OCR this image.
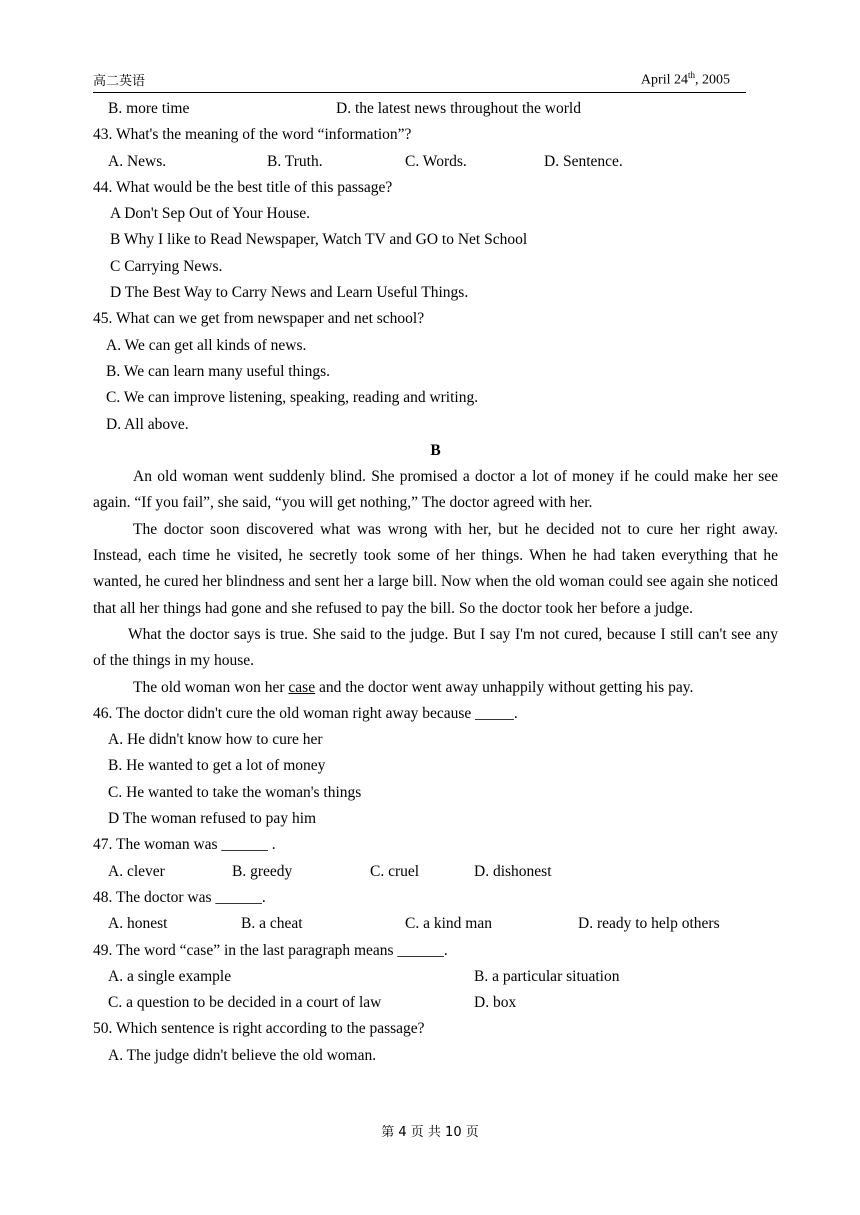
高二英语	April 24th, 2005
B. more time	D. the latest news throughout the world
43. What's the meaning of the word “information”?
A. News.	B. Truth.	C. Words.	D. Sentence.
44. What would be the best title of this passage?
A Don't Sep Out of Your House.
B Why I like to Read Newspaper, Watch TV and GO to Net School
C Carrying News.
D The Best Way to Carry News and Learn Useful Things.
45. What can we get from newspaper and net school?
A. We can get all kinds of news.
B. We can learn many useful things.
C. We can improve listening, speaking, reading and writing.
D. All above.
B

An old woman went suddenly blind. She promised a doctor a lot of money if he could make her see again. “If you fail”, she said, “you will get nothing,” The doctor agreed with her.

The doctor soon discovered what was wrong with her, but he decided not to cure her right away. Instead, each time he visited, he secretly took some of her things. When he had taken everything that he wanted, he cured her blindness and sent her a large bill. Now when the old woman could see again she noticed that all her things had gone and she refused to pay the bill. So the doctor took her before a judge.

What the doctor says is true. She said to the judge. But I say I'm not cured, because I still can't see any of the things in my house.

The old woman won her case and the doctor went away unhappily without getting his pay.

46. The doctor didn't cure the old woman right away because _____.
A. He didn't know how to cure her
B. He wanted to get a lot of money
C. He wanted to take the woman's things
D The woman refused to pay him
47. The woman was ______ .
A. clever	B. greedy	C. cruel	D. dishonest
48. The doctor was ______.
A. honest	B. a cheat	C. a kind man	D. ready to help others
49. The word “case” in the last paragraph means ______.
A. a single example	B. a particular situation
C. a question to be decided in a court of law	D. box
50. Which sentence is right according to the passage?
A. The judge didn't believe the old woman.
第 4 页 共 10 页
